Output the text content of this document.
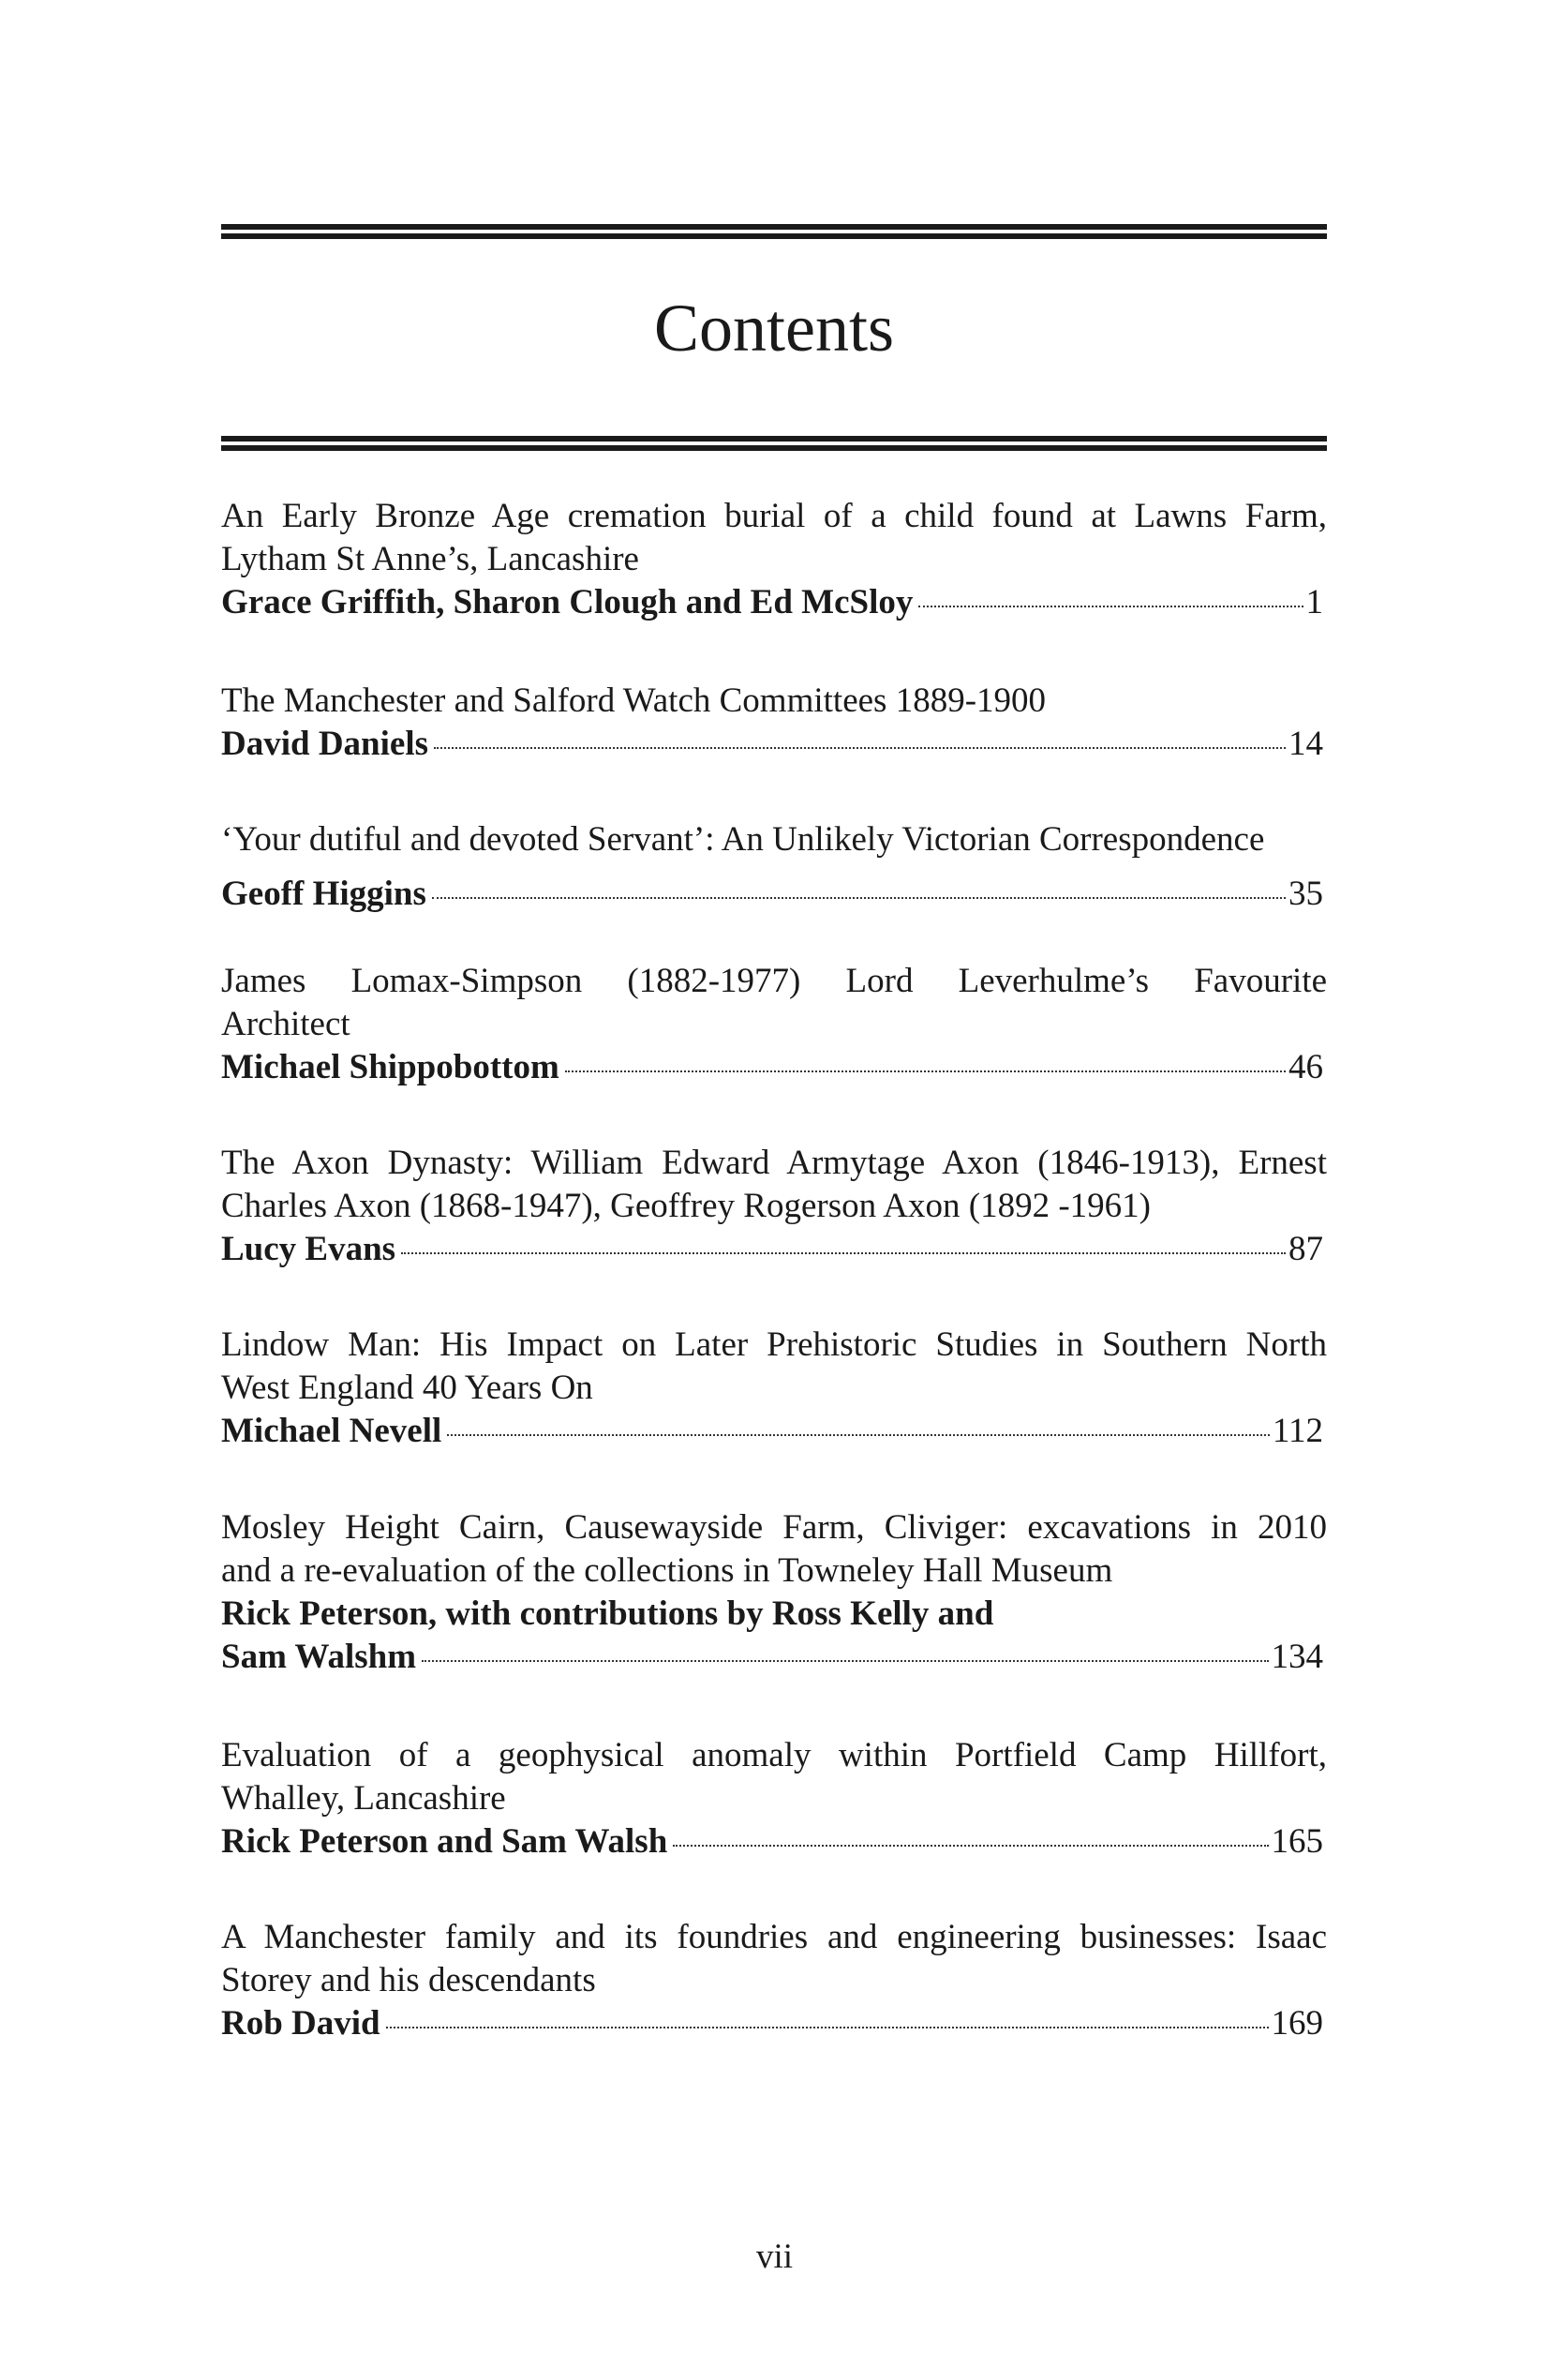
Contents
An Early Bronze Age cremation burial of a child found at Lawns Farm,
Lytham St Anne’s, Lancashire
Grace Griffith, Sharon Clough and Ed McSloy	1
The Manchester and Salford Watch Committees 1889-1900
David Daniels	14
‘Your dutiful and devoted Servant’: An Unlikely Victorian Correspondence
Geoff Higgins	35
James Lomax-Simpson (1882-1977) Lord Leverhulme’s Favourite
Architect
Michael Shippobottom	46
The Axon Dynasty: William Edward Armytage Axon (1846-1913), Ernest
Charles Axon (1868-1947), Geoffrey Rogerson Axon (1892 -1961)
Lucy Evans	87
Lindow Man: His Impact on Later Prehistoric Studies in Southern North
West England 40 Years On
Michael Nevell	112
Mosley Height Cairn, Causewayside Farm, Cliviger: excavations in 2010
and a re-evaluation of the collections in Towneley Hall Museum
Rick Peterson, with contributions by Ross Kelly and
Sam Walshm	134
Evaluation of a geophysical anomaly within Portfield Camp Hillfort,
Whalley, Lancashire
Rick Peterson and Sam Walsh	165
A Manchester family and its foundries and engineering businesses: Isaac
Storey and his descendants
Rob David	169
vii
